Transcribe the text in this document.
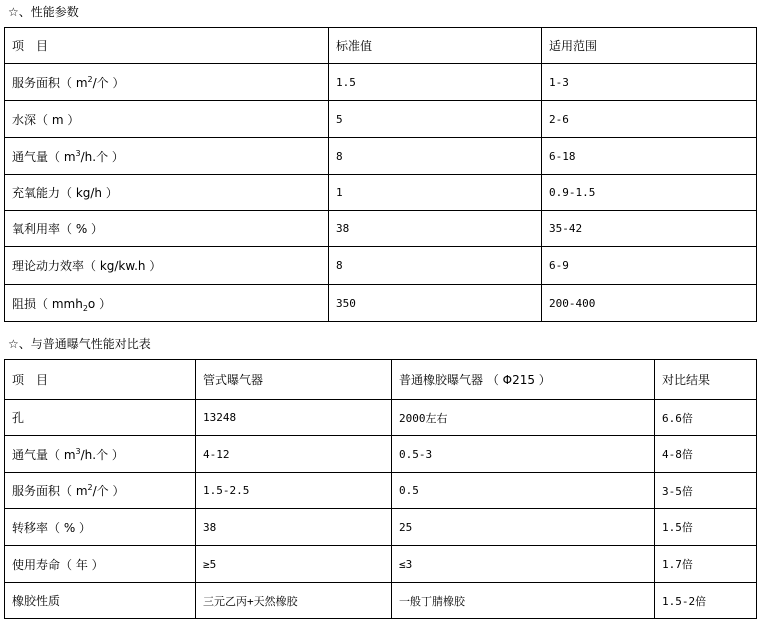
☆、性能参数
项　目	标准值	适用范围
服务面积（ $m^2/$个 ）	1.5	1-3
水深（ m ）	5	2-6
通气量（ $m^3/h$.个 ）	8	6-18
充氧能力（ kg/h ）	1	0.9-1.5
氧利用率（ % ）	38	35-42
理论动力效率（ kg/kw.h ）	8	6-9
阻损（ mmh$_2$o ）	350	200-400
☆、与普通曝气性能对比表
项　目	管式曝气器	普通橡胶曝气器 （ Φ215 ）	对比结果
孔	13248	2000左右	6.6倍
通气量（ $m^3/h$.个 ）	4-12	0.5-3	4-8倍
服务面积（ $m^2/$个 ）	1.5-2.5	0.5	3-5倍
转移率（ % ）	38	25	1.5倍
使用寿命（ 年 ）	≥5	≤3	1.7倍
橡胶性质	三元乙丙+天然橡胶	一般丁腈橡胶	1.5-2倍
